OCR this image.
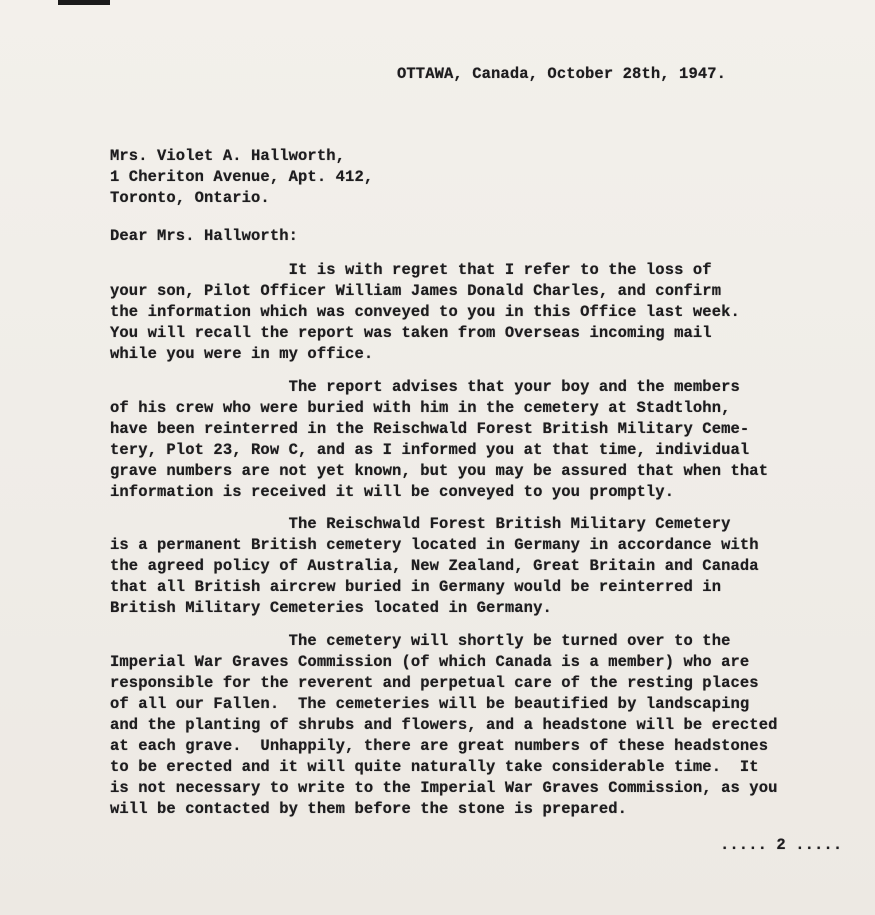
OTTAWA, Canada, October 28th, 1947.
Mrs. Violet A. Hallworth,
1 Cheriton Avenue, Apt. 412,
Toronto, Ontario.
Dear Mrs. Hallworth:
It is with regret that I refer to the loss of
your son, Pilot Officer William James Donald Charles, and confirm
the information which was conveyed to you in this Office last week.
You will recall the report was taken from Overseas incoming mail
while you were in my office.
The report advises that your boy and the members
of his crew who were buried with him in the cemetery at Stadtlohn,
have been reinterred in the Reischwald Forest British Military Ceme-
tery, Plot 23, Row C, and as I informed you at that time, individual
grave numbers are not yet known, but you may be assured that when that
information is received it will be conveyed to you promptly.
The Reischwald Forest British Military Cemetery
is a permanent British cemetery located in Germany in accordance with
the agreed policy of Australia, New Zealand, Great Britain and Canada
that all British aircrew buried in Germany would be reinterred in
British Military Cemeteries located in Germany.
The cemetery will shortly be turned over to the
Imperial War Graves Commission (of which Canada is a member) who are
responsible for the reverent and perpetual care of the resting places
of all our Fallen.  The cemeteries will be beautified by landscaping
and the planting of shrubs and flowers, and a headstone will be erected
at each grave.  Unhappily, there are great numbers of these headstones
to be erected and it will quite naturally take considerable time.  It
is not necessary to write to the Imperial War Graves Commission, as you
will be contacted by them before the stone is prepared.
..... 2 .....
